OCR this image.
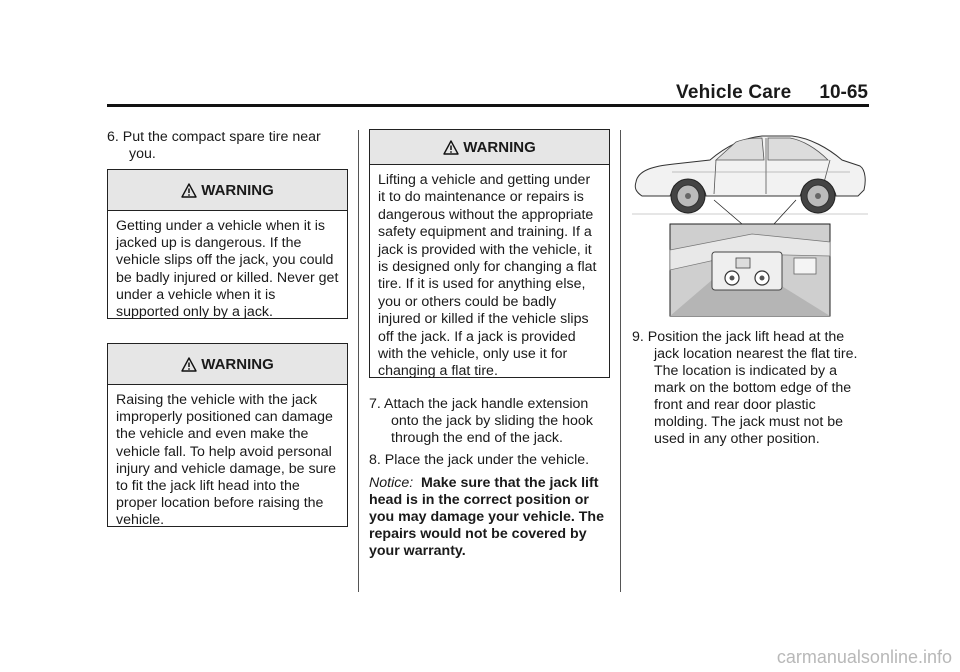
Vehicle Care	10-65
6. Put the compact spare tire near you.
WARNING
Getting under a vehicle when it is jacked up is dangerous. If the vehicle slips off the jack, you could be badly injured or killed. Never get under a vehicle when it is supported only by a jack.
WARNING
Raising the vehicle with the jack improperly positioned can damage the vehicle and even make the vehicle fall. To help avoid personal injury and vehicle damage, be sure to fit the jack lift head into the proper location before raising the vehicle.
WARNING
Lifting a vehicle and getting under it to do maintenance or repairs is dangerous without the appropriate safety equipment and training. If a jack is provided with the vehicle, it is designed only for changing a flat tire. If it is used for anything else, you or others could be badly injured or killed if the vehicle slips off the jack. If a jack is provided with the vehicle, only use it for changing a flat tire.
7. Attach the jack handle extension onto the jack by sliding the hook through the end of the jack.
8. Place the jack under the vehicle.
Notice: Make sure that the jack lift head is in the correct position or you may damage your vehicle. The repairs would not be covered by your warranty.
9. Position the jack lift head at the jack location nearest the flat tire. The location is indicated by a mark on the bottom edge of the front and rear door plastic molding. The jack must not be used in any other position.
carmanualsonline.info
